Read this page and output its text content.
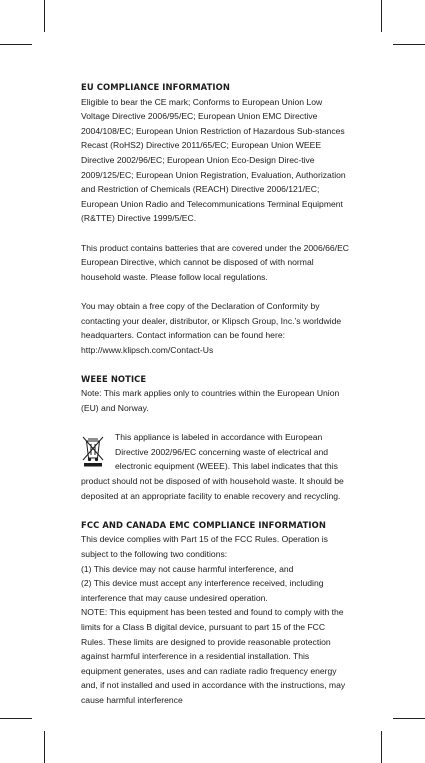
EU COMPLIANCE INFORMATION

Eligible to bear the CE mark; Conforms to European Union Low Voltage Directive 2006/95/EC; European Union EMC Directive 2004/108/EC; European Union Restriction of Hazardous Sub-stances Recast (RoHS2) Directive 2011/65/EC; European Union WEEE Directive 2002/96/EC; European Union Eco-Design Direc-tive 2009/125/EC; European Union Registration, Evaluation, Authorization and Restriction of Chemicals (REACH) Directive 2006/121/EC; European Union Radio and Telecommunications Terminal Equipment (R&TTE) Directive 1999/5/EC.

This product contains batteries that are covered under the 2006/66/EC European Directive, which cannot be disposed of with normal household waste. Please follow local regulations.

You may obtain a free copy of the Declaration of Conformity by contacting your dealer, distributor, or Klipsch Group, Inc.’s worldwide headquarters. Contact information can be found here: http://www.klipsch.com/Contact-Us

WEEE NOTICE

Note: This mark applies only to countries within the European Union (EU) and Norway.

This appliance is labeled in accordance with European Directive 2002/96/EC concerning waste of electrical and electronic equipment (WEEE). This label indicates that this product should not be disposed of with household waste. It should be deposited at an appropriate facility to enable recovery and recycling.
FCC AND CANADA EMC COMPLIANCE INFORMATION

This device complies with Part 15 of the FCC Rules. Operation is subject to the following two conditions:

(1) This device may not cause harmful interference, and

(2) This device must accept any interference received, including interference that may cause undesired operation.

NOTE: This equipment has been tested and found to comply with the limits for a Class B digital device, pursuant to part 15 of the FCC Rules. These limits are designed to provide reasonable protection against harmful interference in a residential installation. This equipment generates, uses and can radiate radio frequency energy and, if not installed and used in accordance with the instructions, may cause harmful interference
